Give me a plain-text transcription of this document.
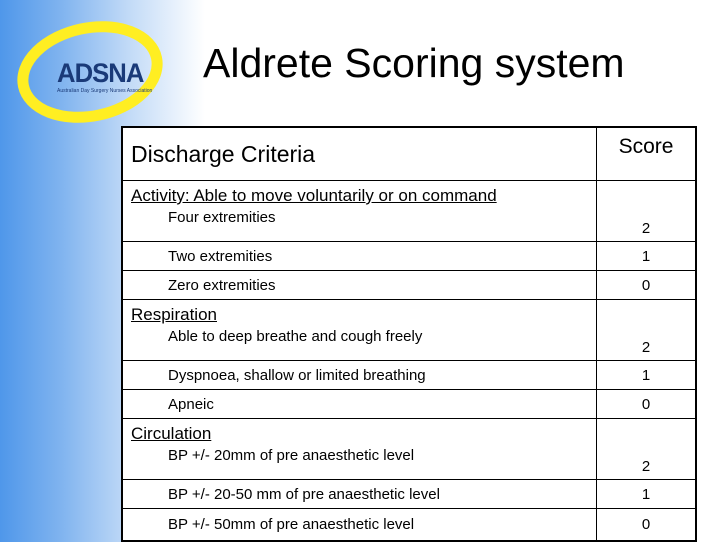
ADSNA
Australian Day Surgery Nurses Association
Aldrete Scoring system
Discharge Criteria	Score

Activity: Able to move voluntarily or on command
Four extremities	2
Two extremities	1
Zero extremities	0

Respiration
Able to deep breathe and cough freely	2
Dyspnoea, shallow or limited breathing	1
Apneic	0

Circulation
BP +/- 20mm of pre anaesthetic level	2
BP +/- 20-50 mm of pre anaesthetic level	1
BP +/- 50mm of pre anaesthetic level	0
